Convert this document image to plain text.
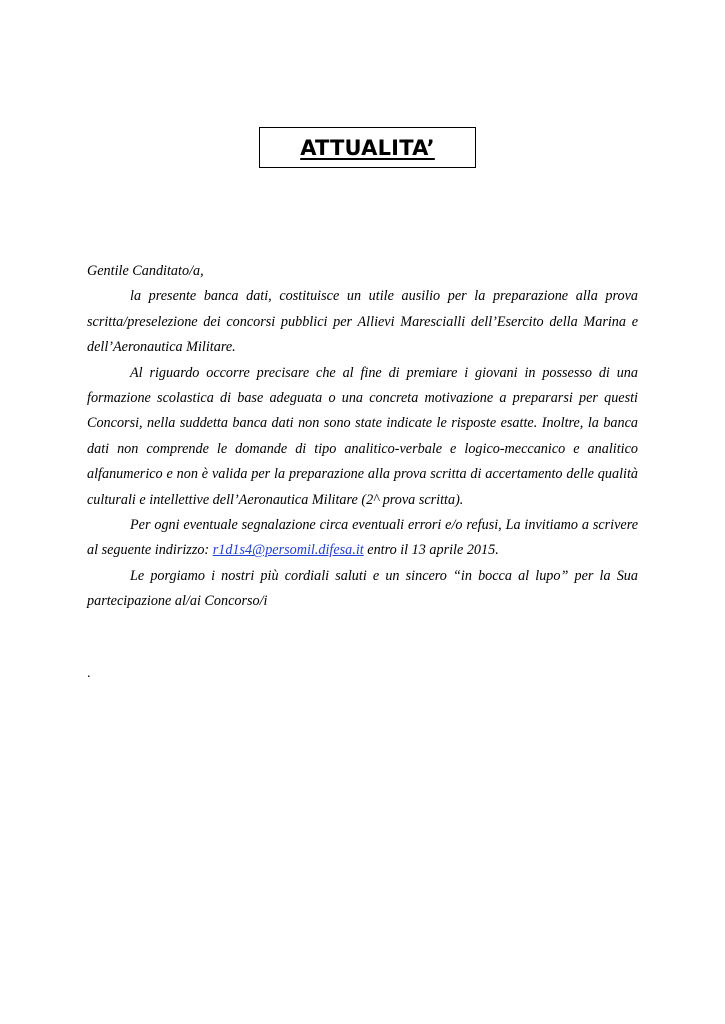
ATTUALITA’

Gentile Canditato/a,

la presente banca dati, costituisce un utile ausilio per la preparazione alla prova scritta/preselezione dei concorsi pubblici per Allievi Marescialli dell’Esercito della Marina e dell’Aeronautica Militare.

Al riguardo occorre precisare che al fine di premiare i giovani in possesso di una formazione scolastica di base adeguata o una concreta motivazione a prepararsi per questi Concorsi, nella suddetta banca dati non sono state indicate le risposte esatte. Inoltre, la banca dati non comprende le domande di tipo analitico-verbale e logico-meccanico e analitico alfanumerico e non è valida per la preparazione alla prova scritta di accertamento delle qualità culturali e intellettive dell’Aeronautica Militare (2^ prova scritta).

Per ogni eventuale segnalazione circa eventuali errori e/o refusi, La invitiamo a scrivere al seguente indirizzo: r1d1s4@persomil.difesa.it entro il 13 aprile 2015.

Le porgiamo i nostri più cordiali saluti e un sincero “in bocca al lupo” per la Sua partecipazione al/ai Concorso/i

.
